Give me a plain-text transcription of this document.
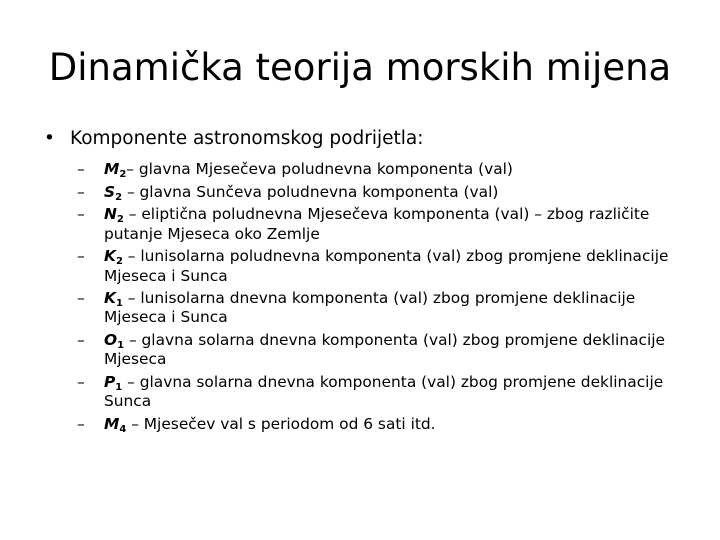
Dinamička teorija morskih mijena
• Komponente astronomskog podrijetla:
– $M_2-$ glavna Mjesečeva poludnevna komponenta (val)
– $S_2$ – glavna Sunčeva poludnevna komponenta (val)
– $N_2$ – eliptična poludnevna Mjesečeva komponenta (val) – zbog različite
putanje Mjeseca oko Zemlje
– $K_2$ – lunisolarna poludnevna komponenta (val) zbog promjene deklinacije
Mjeseca i Sunca
– $K_1$ – lunisolarna dnevna komponenta (val) zbog promjene deklinacije
Mjeseca i Sunca
– $O_1$ – glavna solarna dnevna komponenta (val) zbog promjene deklinacije
Mjeseca
– $P_1$ – glavna solarna dnevna komponenta (val) zbog promjene deklinacije
Sunca
– $M_4$ – Mjesečev val s periodom od 6 sati itd.
